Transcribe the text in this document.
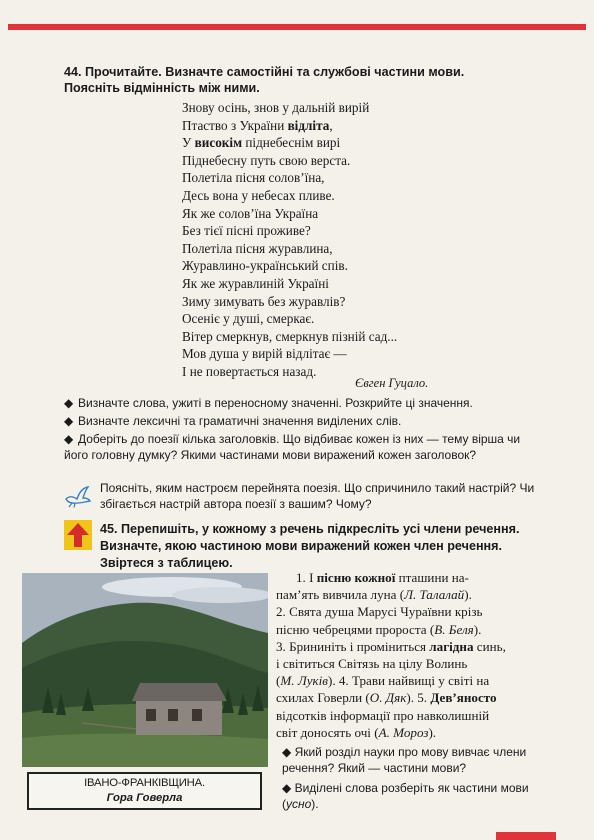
44. Прочитайте. Визначте самостійні та службові частини мови.
Поясніть відмінність між ними.
Знову осінь, знов у дальній вирій
Птаство з України відліта,
У високім піднебеснім вирі
Піднебесну путь свою верста.
Полетіла пісня солов’їна,
Десь вона у небесах пливе.
Як же солов’їна Україна
Без тієї пісні проживе?
Полетіла пісня журавлина,
Журавлино-український спів.
Як же журавлиній Україні
Зиму зимувать без журавлів?
Осеніє у душі, смеркає.
Вітер смеркнув, смеркнув пізній сад...
Мов душа у вирій відлітає —
І не повертається назад.
Євген Гуцало.
◆ Визначте слова, ужиті в переносному значенні. Розкрийте ці значення.
◆ Визначте лексичні та граматичні значення виділених слів.
◆ Доберіть до поезії кілька заголовків. Що відбиває кожен із них — тему вірша чи його головну думку? Якими частинами мови виражений кожен заголовок?
Поясніть, яким настроєм перейнята поезія. Що спричинило такий настрій? Чи збігається настрій автора поезії з вашим? Чому?
45. Перепишіть, у кожному з речень підкресліть усі члени речення. Визначте, якою частиною мови виражений кожен член речення. Звіртеся з таблицею.
ІВАНО-ФРАНКІВЩИНА.
Гора Говерла
1. І пісню кожної пташини на-
пам’ять вивчила луна (Л. Талалай).
2. Свята душа Марусі Чураївни крізь
пісню чебрецями пророста (В. Беля).
3. Брининіть і проміниться лагідна синь,
і світиться Світязь на цілу Волинь
(М. Луків). 4. Трави найвищі у світі на
схилах Говерли (О. Дяк). 5. Дев’яносто
відсотків інформації про навколишній
світ доносять очі (А. Мороз).
◆ Який розділ науки про мову вивчає члени речення? Який — частини мови?
◆ Виділені слова розберіть як частини мови (усно).
